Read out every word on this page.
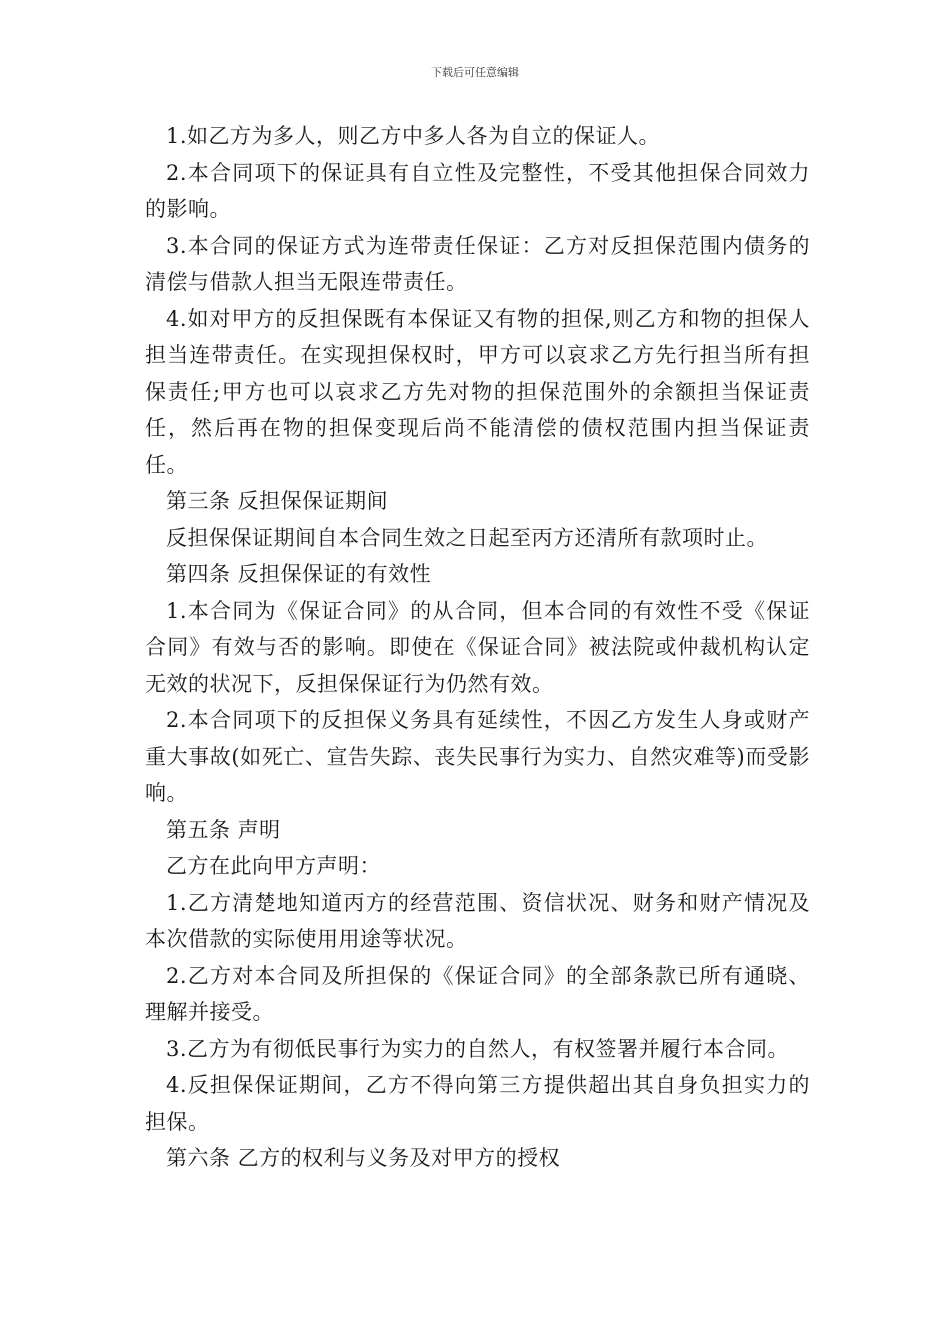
下载后可任意编辑

1.如乙方为多人，则乙方中多人各为自立的保证人。

2.本合同项下的保证具有自立性及完整性，不受其他担保合同效力的影响。

3.本合同的保证方式为连带责任保证：乙方对反担保范围内债务的清偿与借款人担当无限连带责任。

4.如对甲方的反担保既有本保证又有物的担保,则乙方和物的担保人担当连带责任。在实现担保权时，甲方可以哀求乙方先行担当所有担保责任;甲方也可以哀求乙方先对物的担保范围外的余额担当保证责任，然后再在物的担保变现后尚不能清偿的债权范围内担当保证责任。

第三条 反担保保证期间

反担保保证期间自本合同生效之日起至丙方还清所有款项时止。

第四条 反担保保证的有效性

1.本合同为《保证合同》的从合同，但本合同的有效性不受《保证合同》有效与否的影响。即使在《保证合同》被法院或仲裁机构认定无效的状况下，反担保保证行为仍然有效。

2.本合同项下的反担保义务具有延续性，不因乙方发生人身或财产重大事故(如死亡、宣告失踪、丧失民事行为实力、自然灾难等)而受影响。

第五条 声明

乙方在此向甲方声明：

1.乙方清楚地知道丙方的经营范围、资信状况、财务和财产情况及本次借款的实际使用用途等状况。

2.乙方对本合同及所担保的《保证合同》的全部条款已所有通晓、理解并接受。

3.乙方为有彻低民事行为实力的自然人，有权签署并履行本合同。

4.反担保保证期间，乙方不得向第三方提供超出其自身负担实力的担保。

第六条 乙方的权利与义务及对甲方的授权
